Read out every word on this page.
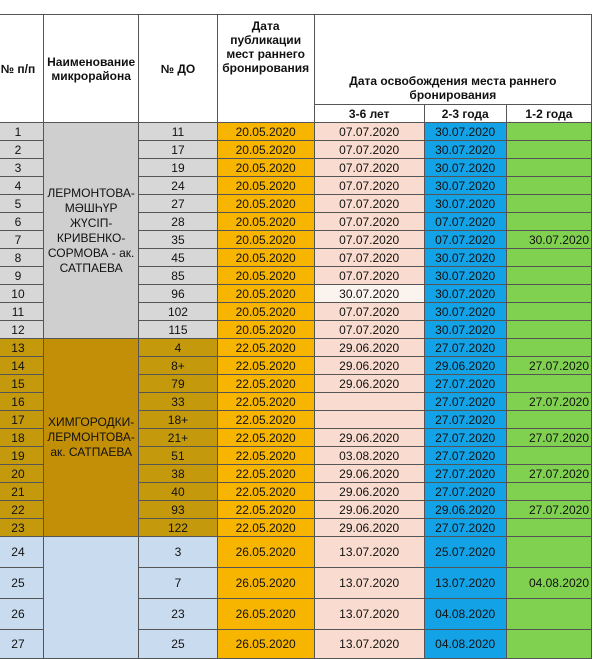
№ п/п	Наименование микрорайона	№ ДО	Дата публикации мест раннего бронирования	Дата освобождения места раннего бронирования		
				3-6 лет	2-3 года	1-2 года
1	ЛЕРМОНТОВА-МӘШҺҮР ЖҮСІП-КРИВЕНКО-СОРМОВА - ак. САТПАЕВА	11	20.05.2020	07.07.2020	30.07.2020	
2		17	20.05.2020	07.07.2020	30.07.2020	
3		19	20.05.2020	07.07.2020	30.07.2020	
4		24	20.05.2020	07.07.2020	30.07.2020	
5		27	20.05.2020	07.07.2020	30.07.2020	
6		28	20.05.2020	07.07.2020	07.07.2020	
7		35	20.05.2020	07.07.2020	07.07.2020	30.07.2020
8		45	20.05.2020	07.07.2020	30.07.2020	
9		85	20.05.2020	07.07.2020	30.07.2020	
10		96	20.05.2020	30.07.2020	30.07.2020	
11		102	20.05.2020	07.07.2020	30.07.2020	
12		115	20.05.2020	07.07.2020	30.07.2020	
13	ХИМГОРОДКИ-ЛЕРМОНТОВА-ак. САТПАЕВА	4	22.05.2020	29.06.2020	27.07.2020	
14		8+	22.05.2020	29.06.2020	29.06.2020	27.07.2020
15		79	22.05.2020	29.06.2020	27.07.2020	
16		33	22.05.2020		27.07.2020	27.07.2020
17		18+	22.05.2020		27.07.2020	
18		21+	22.05.2020	29.06.2020	27.07.2020	27.07.2020
19		51	22.05.2020	03.08.2020	27.07.2020	
20		38	22.05.2020	29.06.2020	27.07.2020	27.07.2020
21		40	22.05.2020	29.06.2020	27.07.2020	
22		93	22.05.2020	29.06.2020	29.06.2020	27.07.2020
23		122	22.05.2020	29.06.2020	27.07.2020	
24		3	26.05.2020	13.07.2020	25.07.2020	
25		7	26.05.2020	13.07.2020	13.07.2020	04.08.2020
26		23	26.05.2020	13.07.2020	04.08.2020	
27		25	26.05.2020	13.07.2020	04.08.2020	
